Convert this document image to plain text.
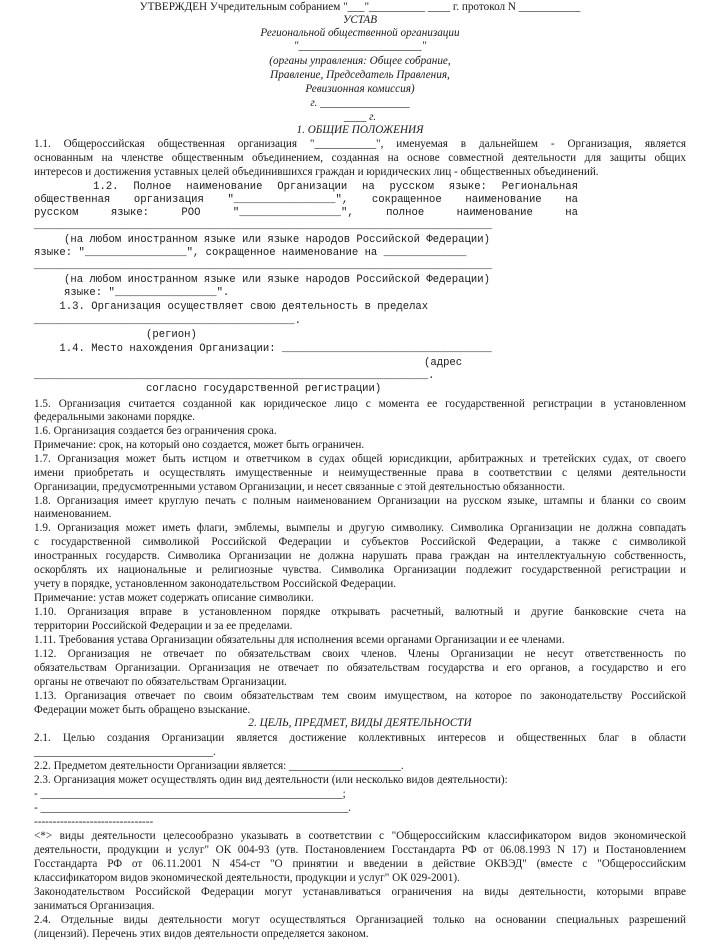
УТВЕРЖДЕН Учредительным собранием "___"__________ ____ г. протокол N ___________
УСТАВ
Региональной общественной организации
"______________________"
(органы управления: Общее собрание,
Правление, Председатель Правления,
Ревизионная комиссия)
г. ________________
____ г.
1. ОБЩИЕ ПОЛОЖЕНИЯ
1.1. Общероссийская общественная организация "___________", именуемая в дальнейшем - Организация, является
основанным на членстве общественным объединением, созданная на основе совместной деятельности для защиты общих
интересов и достижения уставных целей объединившихся граждан и юридических лиц - общественных объединений.
1.2. Полное наименование Организации на русском языке: Региональная
общественная организация "________________", сокращенное наименование на
русском языке: РОО "________________", полное наименование на
________________________________________________________________________
(на любом иностранном языке или языке народов Российской Федерации)
языке: "________________", сокращенное наименование на _____________
________________________________________________________________________
(на любом иностранном языке или языке народов Российской Федерации)
языке: "________________".
1.3. Организация осуществляет свою деятельность в пределах
_________________________________________.
(регион)
1.4. Место нахождения Организации: _________________________________
(адрес
______________________________________________________________.
согласно государственной регистрации)
1.5. Организация считается созданной как юридическое лицо с момента ее государственной регистрации в установленном
федеральными законами порядке.
1.6. Организация создается без ограничения срока.
Примечание: срок, на который оно создается, может быть ограничен.
1.7. Организация может быть истцом и ответчиком в судах общей юрисдикции, арбитражных и третейских судах, от своего
имени приобретать и осуществлять имущественные и неимущественные права в соответствии с целями деятельности
Организации, предусмотренными уставом Организации, и несет связанные с этой деятельностью обязанности.
1.8. Организация имеет круглую печать с полным наименованием Организации на русском языке, штампы и бланки со своим
наименованием.
1.9. Организация может иметь флаги, эмблемы, вымпелы и другую символику. Символика Организации не должна совпадать
с государственной символикой Российской Федерации и субъектов Российской Федерации, а также с символикой
иностранных государств. Символика Организации не должна нарушать права граждан на интеллектуальную собственность,
оскорблять их национальные и религиозные чувства. Символика Организации подлежит государственной регистрации и
учету в порядке, установленном законодательством Российской Федерации.
Примечание: устав может содержать описание символики.
1.10. Организация вправе в установленном порядке открывать расчетный, валютный и другие банковские счета на
территории Российской Федерации и за ее пределами.
1.11. Требования устава Организации обязательны для исполнения всеми органами Организации и ее членами.
1.12. Организация не отвечает по обязательствам своих членов. Члены Организации не несут ответственность по
обязательствам Организации. Организация не отвечает по обязательствам государства и его органов, а государство и его
органы не отвечают по обязательствам Организации.
1.13. Организация отвечает по своим обязательствам тем своим имуществом, на которое по законодательству Российской
Федерации может быть обращено взыскание.
2. ЦЕЛЬ, ПРЕДМЕТ, ВИДЫ ДЕЯТЕЛЬНОСТИ
2.1. Целью создания Организации является достижение коллективных интересов и общественных благ в области
________________________________.
2.2. Предметом деятельности Организации является: ____________________.
2.3. Организация может осуществлять один вид деятельности (или несколько видов деятельности):
- ______________________________________________________;
- _______________________________________________________.
--------------------------------
<*> виды деятельности целесообразно указывать в соответствии с "Общероссийским классификатором видов экономической
деятельности, продукции и услуг" ОК 004-93 (утв. Постановлением Госстандарта РФ от 06.08.1993 N 17) и Постановлением
Госстандарта РФ от 06.11.2001 N 454-ст "О принятии и введении в действие ОКВЭД" (вместе с "Общероссийским
классификатором видов экономической деятельности, продукции и услуг" ОК 029-2001).
Законодательством Российской Федерации могут устанавливаться ограничения на виды деятельности, которыми вправе
заниматься Организация.
2.4. Отдельные виды деятельности могут осуществляться Организацией только на основании специальных разрешений
(лицензий). Перечень этих видов деятельности определяется законом.
